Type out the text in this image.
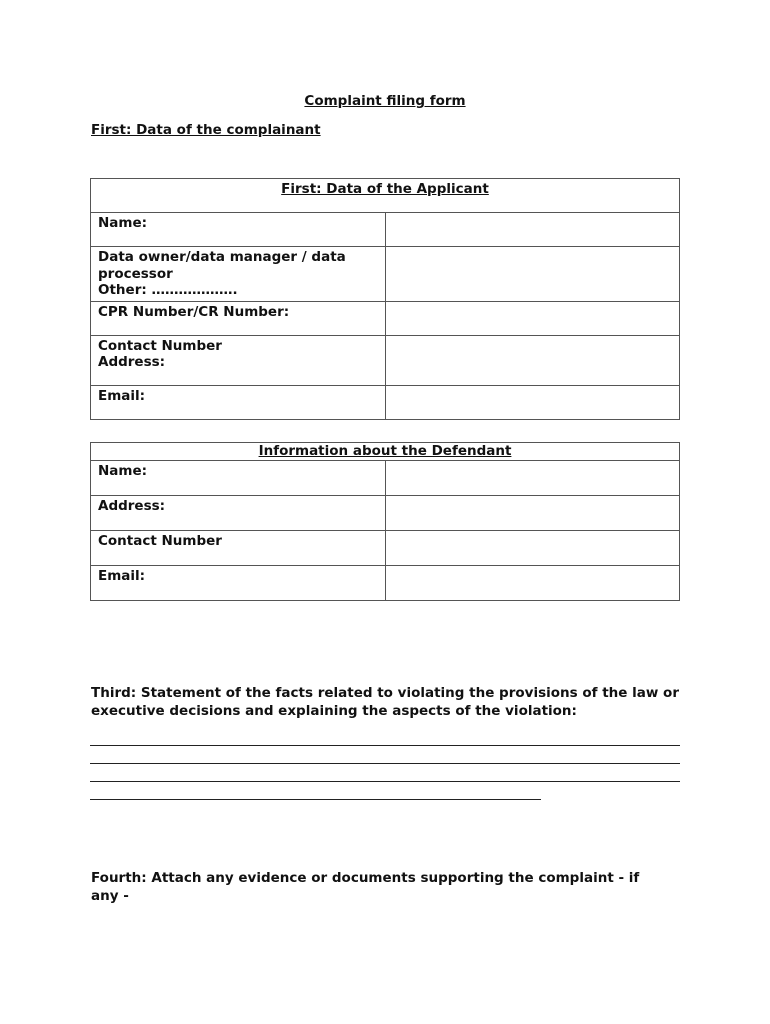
Complaint filing form
First: Data of the complainant
First: Data of the Applicant	
Name:	
Data owner/data manager / data
processor
Other: ……………….	
CPR Number/CR Number:	
Contact Number
Address:	
Email:	
Information about the Defendant	
Name:	
Address:	
Contact Number	
Email:	
Third: Statement of the facts related to violating the provisions of the law or executive decisions and explaining the aspects of the violation:
Fourth: Attach any evidence or documents supporting the complaint - if any -
